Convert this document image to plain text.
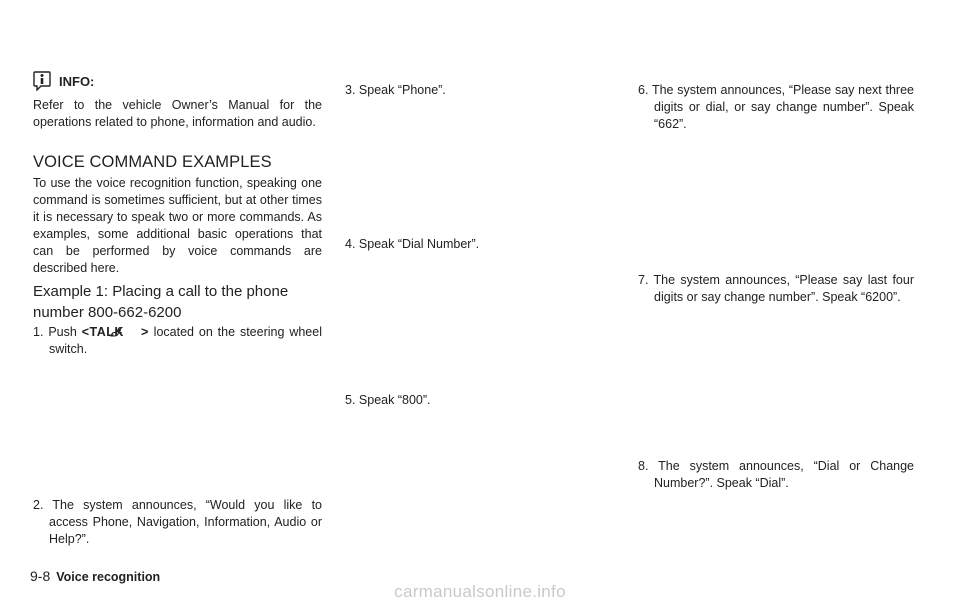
INFO:
Refer to the vehicle Owner’s Manual for the operations related to phone, information and audio.
VOICE COMMAND EXAMPLES
To use the voice recognition function, speaking one command is sometimes sufficient, but at other times it is necessary to speak two or more commands. As examples, some additional basic operations that can be performed by voice commands are described here.
Example 1: Placing a call to the phone number 800-662-6200
1. Push <TALK > located on the steering wheel switch.
2. The system announces, “Would you like to access Phone, Navigation, Information, Audio or Help?”.
3. Speak “Phone”.
4. Speak “Dial Number”.
5. Speak “800”.
6. The system announces, “Please say next three digits or dial, or say change number”. Speak “662”.
7. The system announces, “Please say last four digits or say change number”. Speak “6200”.
8. The system announces, “Dial or Change Number?”. Speak “Dial”.
9-8 Voice recognition
carmanualsonline.info
